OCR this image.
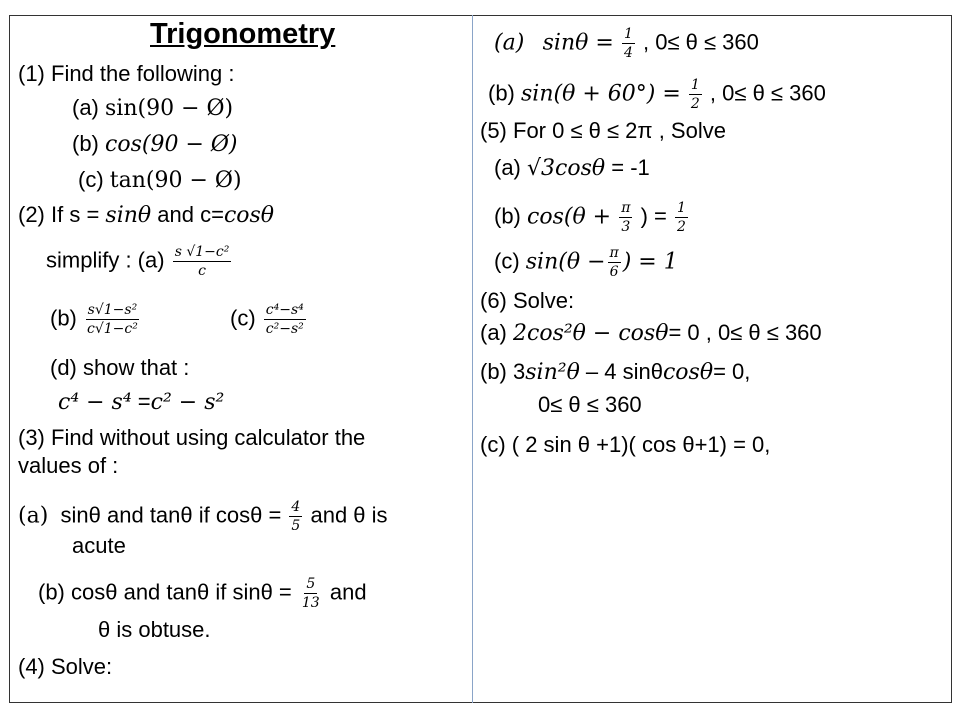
Trigonometry
(1) Find the following :
(a) sin(90 − Ø)
(b) cos(90 − Ø)
(c) tan(90 − Ø)
(2) If s = sinθ and c=cosθ
simplify : $(a) \frac{\text{s √1−c²}}{c}$
$(b) \frac{\text{s√1−s²}}{\text{c√1−c²}}$	$(c) \frac{\text{c⁴−s⁴}}{\text{c²−s²}}$
(d) show that :
c⁴ − s⁴ =c² − s²
(3) Find without using calculator the
values of :
(a) sinθ and tanθ if $\cos\theta = \frac{4}{5}$ and θ is
acute
(b) cosθ and tanθ if $\sin\theta = \frac{5}{13}$ and
θ is obtuse.
(4) Solve:
(a) $\sin\theta = \frac{1}{4}$ , 0≤ θ ≤ 360
(b) $\sin(\theta + 60^\circ) = \frac{1}{2}$ , 0≤ θ ≤ 360
(5) For 0 ≤ θ ≤ 2π , Solve
(a) √3cosθ = -1
(b) $\cos(\theta + \frac{\pi}{3}$ ) = $\frac{1}{2}$
(c) $\sin(\theta - \frac{\pi}{6}$ ) = 1
(6) Solve:
(a) 2cos²θ − cosθ= 0 , 0≤ θ ≤ 360
(b) 3sin²θ – 4 sinθcosθ= 0,
0≤ θ ≤ 360
(c) ( 2 sin θ +1)( cos θ+1) = 0,
